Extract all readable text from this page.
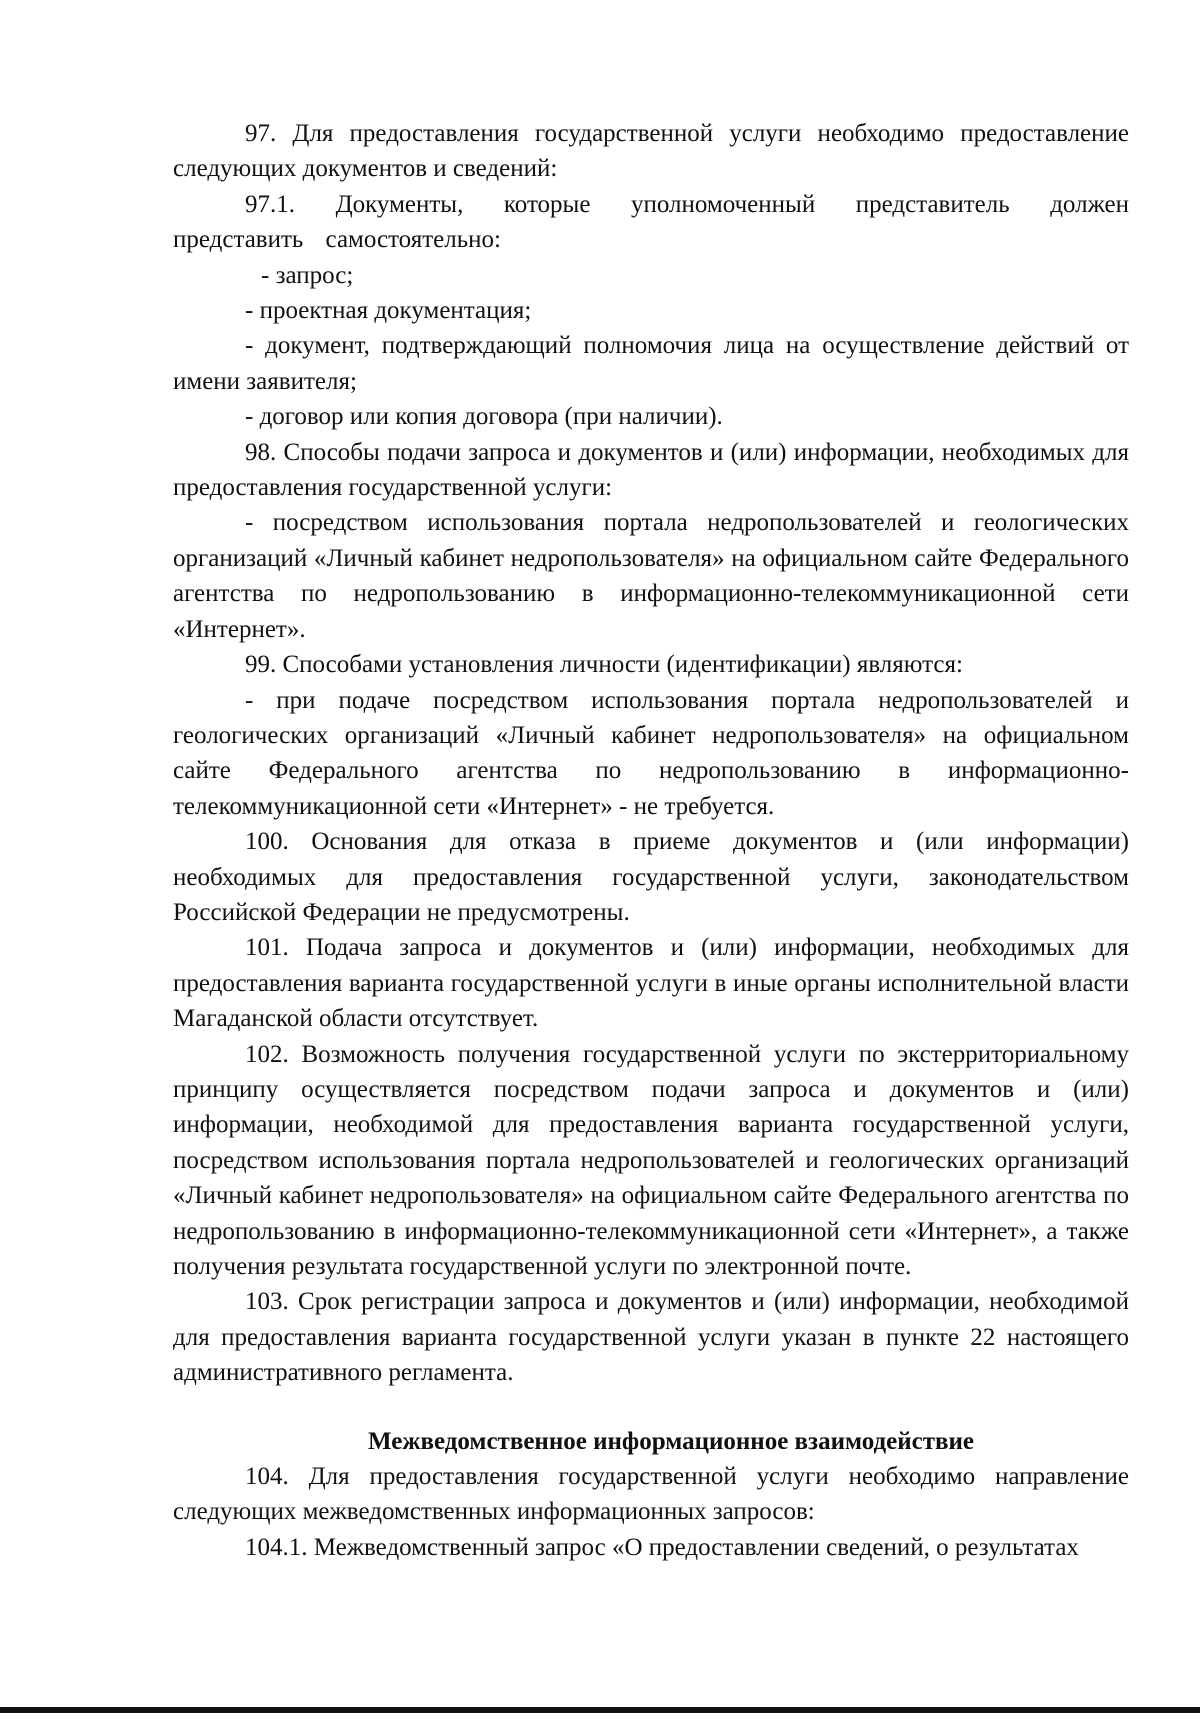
97. Для предоставления государственной услуги необходимо предоставление следующих документов и сведений:

97.1. Документы, которые уполномоченный представитель должен представить самостоятельно:

- запрос;

- проектная документация;

- документ, подтверждающий полномочия лица на осуществление действий от имени заявителя;

- договор или копия договора (при наличии).

98. Способы подачи запроса и документов и (или) информации, необходимых для предоставления государственной услуги:

- посредством использования портала недропользователей и геологических организаций «Личный кабинет недропользователя» на официальном сайте Федерального агентства по недропользованию в информационно-телекоммуникационной сети «Интернет».

99. Способами установления личности (идентификации) являются:

- при подаче посредством использования портала недропользователей и геологических организаций «Личный кабинет недропользователя» на официальном сайте Федерального агентства по недропользованию в информационно-телекоммуникационной сети «Интернет» - не требуется.

100. Основания для отказа в приеме документов и (или информации) необходимых для предоставления государственной услуги, законодательством Российской Федерации не предусмотрены.

101. Подача запроса и документов и (или) информации, необходимых для предоставления варианта государственной услуги в иные органы исполнительной власти Магаданской области отсутствует.

102. Возможность получения государственной услуги по экстерриториальному принципу осуществляется посредством подачи запроса и документов и (или) информации, необходимой для предоставления варианта государственной услуги, посредством использования портала недропользователей и геологических организаций «Личный кабинет недропользователя» на официальном сайте Федерального агентства по недропользованию в информационно-телекоммуникационной сети «Интернет», а также получения результата государственной услуги по электронной почте.

103. Срок регистрации запроса и документов и (или) информации, необходимой для предоставления варианта государственной услуги указан в пункте 22 настоящего административного регламента.

Межведомственное информационное взаимодействие

104. Для предоставления государственной услуги необходимо направление следующих межведомственных информационных запросов:

104.1. Межведомственный запрос «О предоставлении сведений, о результатах
